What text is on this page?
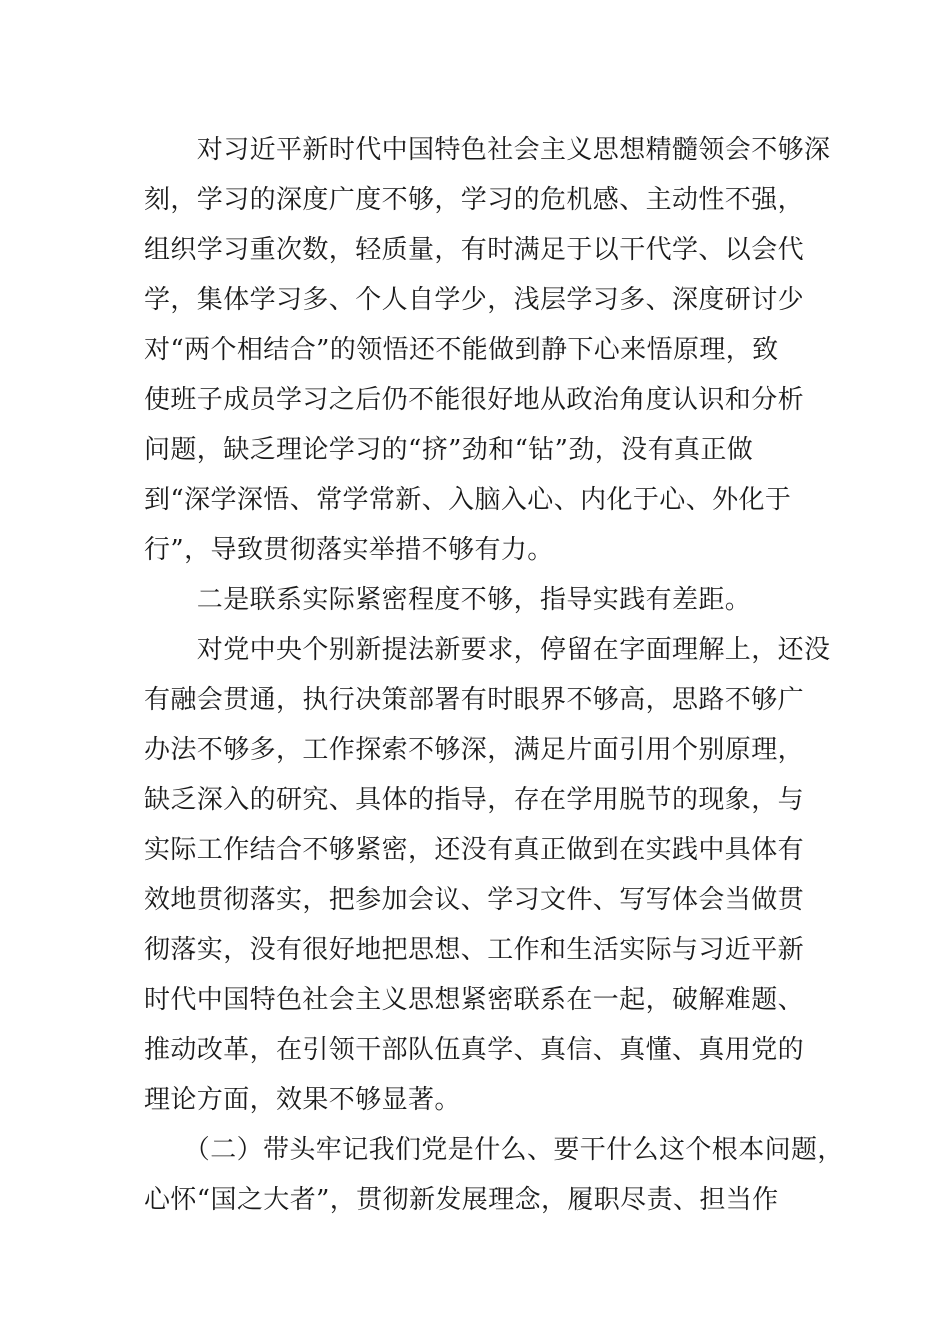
　　对习近平新时代中国特色社会主义思想精髓领会不够深
刻，学习的深度广度不够，学习的危机感、主动性不强，
组织学习重次数，轻质量，有时满足于以干代学、以会代
学，集体学习多、个人自学少，浅层学习多、深度研讨少
对“两个相结合”的领悟还不能做到静下心来悟原理，致
使班子成员学习之后仍不能很好地从政治角度认识和分析
问题，缺乏理论学习的“挤”劲和“钻”劲，没有真正做
到“深学深悟、常学常新、入脑入心、内化于心、外化于
行”，导致贯彻落实举措不够有力。
　　二是联系实际紧密程度不够，指导实践有差距。
　　对党中央个别新提法新要求，停留在字面理解上，还没
有融会贯通，执行决策部署有时眼界不够高，思路不够广
办法不够多，工作探索不够深，满足片面引用个别原理，
缺乏深入的研究、具体的指导，存在学用脱节的现象，与
实际工作结合不够紧密，还没有真正做到在实践中具体有
效地贯彻落实，把参加会议、学习文件、写写体会当做贯
彻落实，没有很好地把思想、工作和生活实际与习近平新
时代中国特色社会主义思想紧密联系在一起，破解难题、
推动改革，在引领干部队伍真学、真信、真懂、真用党的
理论方面，效果不够显著。
　　（二）带头牢记我们党是什么、要干什么这个根本问题，
心怀“国之大者”，贯彻新发展理念，履职尽责、担当作
